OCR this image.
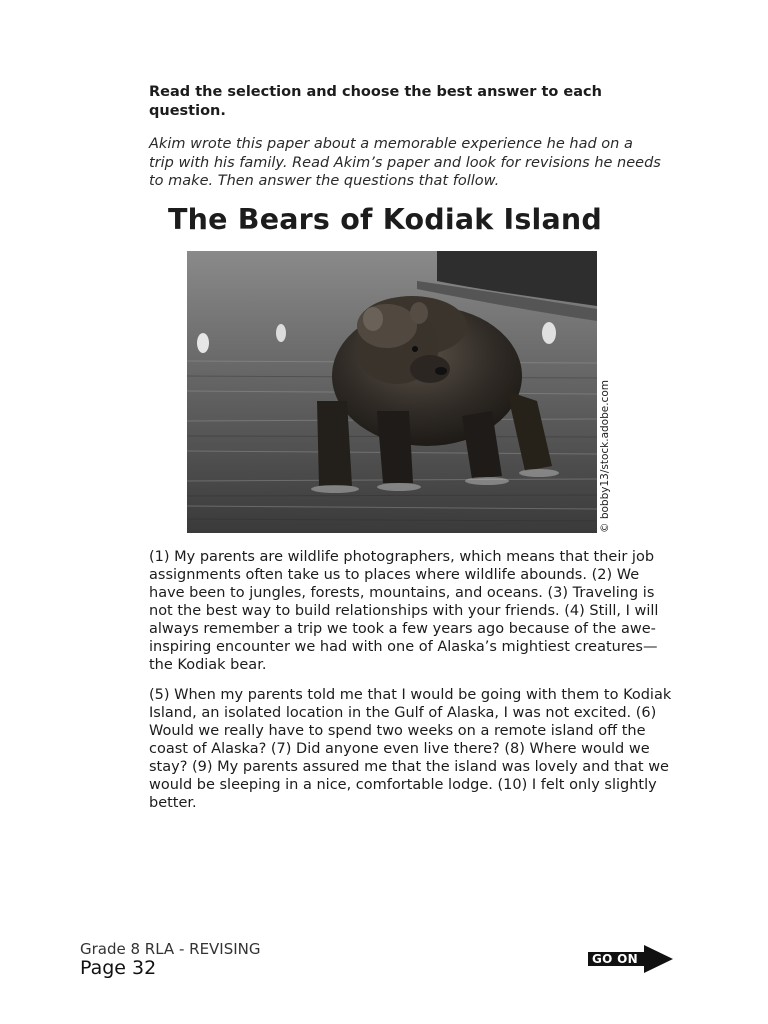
Read the selection and choose the best answer to each question.
Akim wrote this paper about a memorable experience he had on a trip with his family. Read Akim’s paper and look for revisions he needs to make. Then answer the questions that follow.
The Bears of Kodiak Island
© bobby13/stock.adobe.com

(1) My parents are wildlife photographers, which means that their job assignments often take us to places where wildlife abounds. (2) We have been to jungles, forests, mountains, and oceans. (3) Traveling is not the best way to build relationships with your friends. (4) Still, I will always remember a trip we took a few years ago because of the awe-inspiring encounter we had with one of Alaska’s mightiest creatures—the Kodiak bear.

(5) When my parents told me that I would be going with them to Kodiak Island, an isolated location in the Gulf of Alaska, I was not excited. (6) Would we really have to spend two weeks on a remote island off the coast of Alaska? (7) Did anyone even live there? (8) Where would we stay? (9) My parents assured me that the island was lovely and that we would be sleeping in a nice, comfortable lodge. (10) I felt only slightly better.

Grade 8 RLA - REVISING
Page 32	GO ON
